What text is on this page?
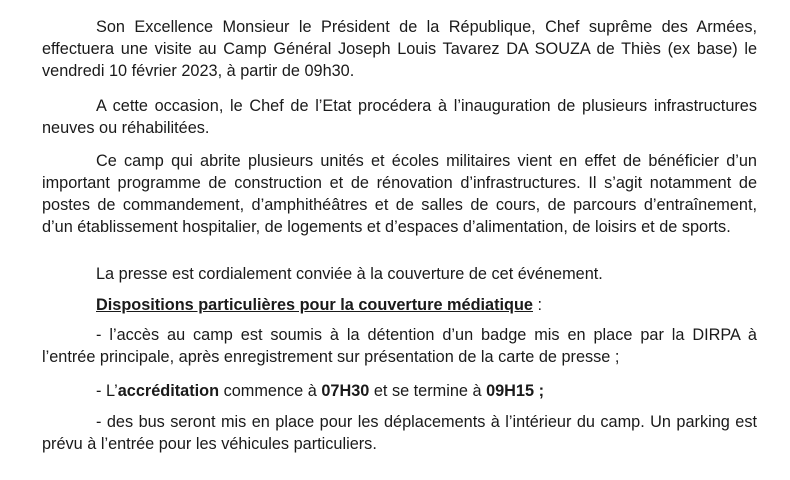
Son Excellence Monsieur le Président de la République, Chef suprême des Armées, effectuera une visite au Camp Général Joseph Louis Tavarez DA SOUZA de Thiès (ex base) le vendredi 10 février 2023, à partir de 09h30.

A cette occasion, le Chef de l’Etat procédera à l’inauguration de plusieurs infrastructures neuves ou réhabilitées.

Ce camp qui abrite plusieurs unités et écoles militaires vient en effet de bénéficier d’un important programme de construction et de rénovation d’infrastructures. Il s’agit notamment de postes de commandement, d’amphithéâtres et de salles de cours, de parcours d’entraînement, d’un établissement hospitalier, de logements et d’espaces d’alimentation, de loisirs et de sports.

La presse est cordialement conviée à la couverture de cet événement.

Dispositions particulières pour la couverture médiatique :

- l’accès au camp est soumis à la détention d’un badge mis en place par la DIRPA à l’entrée principale, après enregistrement sur présentation de la carte de presse ;

- L’accréditation commence à 07H30 et se termine à 09H15 ;

- des bus seront mis en place pour les déplacements à l’intérieur du camp. Un parking est prévu à l’entrée pour les véhicules particuliers.
